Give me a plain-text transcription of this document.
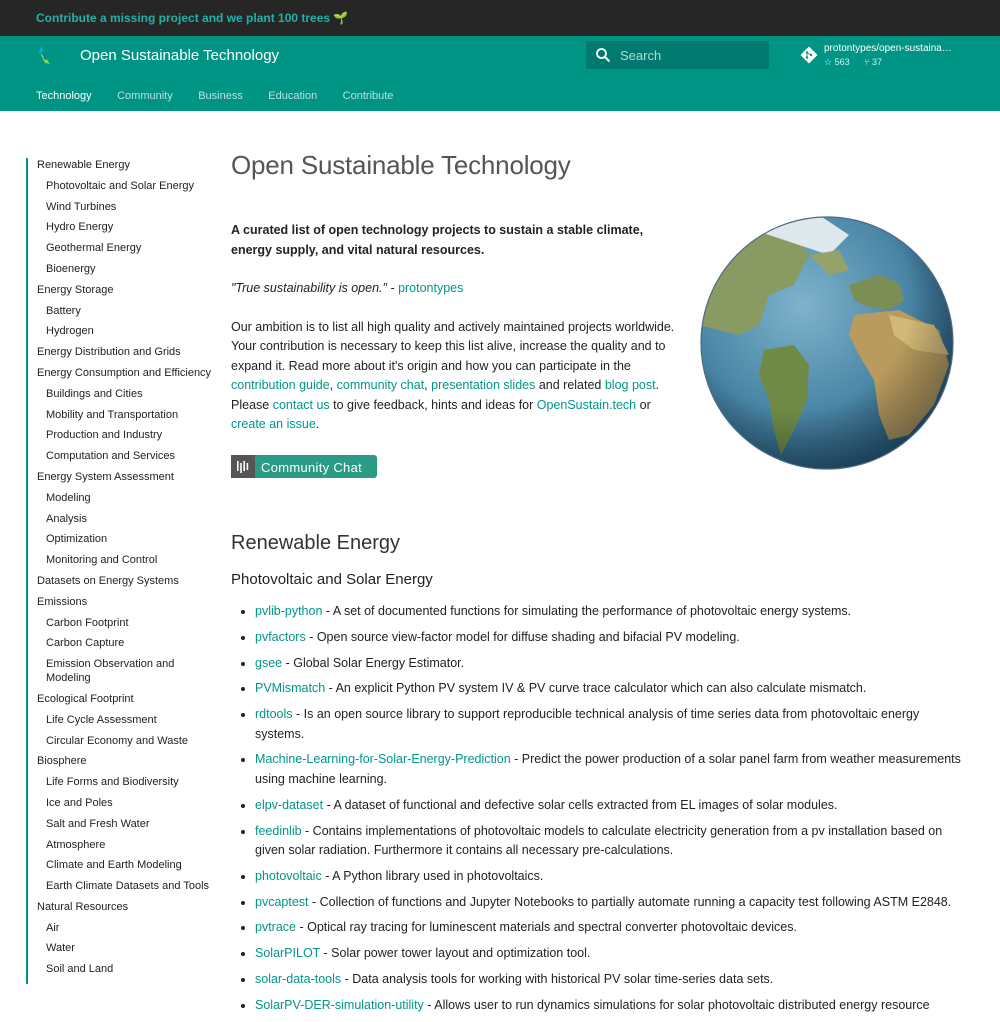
Contribute a missing project and we plant 100 trees 🌱
Open Sustainable Technology
Search	protontypes/open-sustaina…
☆ 563 ⑂ 37
Technology Community Business Education Contribute
Renewable Energy
Photovoltaic and Solar Energy
Wind Turbines
Hydro Energy
Geothermal Energy
Bioenergy
Energy Storage
Battery
Hydrogen
Energy Distribution and Grids
Energy Consumption and Efficiency
Buildings and Cities
Mobility and Transportation
Production and Industry
Computation and Services
Energy System Assessment
Modeling
Analysis
Optimization
Monitoring and Control
Datasets on Energy Systems
Emissions
Carbon Footprint
Carbon Capture
Emission Observation and Modeling
Ecological Footprint
Life Cycle Assessment
Circular Economy and Waste
Biosphere
Life Forms and Biodiversity
Ice and Poles
Salt and Fresh Water
Atmosphere
Climate and Earth Modeling
Earth Climate Datasets and Tools
Natural Resources
Air
Water
Soil and Land
Open Sustainable Technology

A curated list of open technology projects to sustain a stable climate, energy supply, and vital natural resources.

"True sustainability is open." - protontypes

Our ambition is to list all high quality and actively maintained projects worldwide. Your contribution is necessary to keep this list alive, increase the quality and to expand it. Read more about it's origin and how you can participate in the contribution guide, community chat, presentation slides and related blog post. Please contact us to give feedback, hints and ideas for OpenSustain.tech or create an issue.

Community Chat
Renewable Energy
Photovoltaic and Solar Energy
pvlib-python - A set of documented functions for simulating the performance of photovoltaic energy systems.
pvfactors - Open source view-factor model for diffuse shading and bifacial PV modeling.
gsee - Global Solar Energy Estimator.
PVMismatch - An explicit Python PV system IV & PV curve trace calculator which can also calculate mismatch.
rdtools - Is an open source library to support reproducible technical analysis of time series data from photovoltaic energy systems.
Machine-Learning-for-Solar-Energy-Prediction - Predict the power production of a solar panel farm from weather measurements using machine learning.
elpv-dataset - A dataset of functional and defective solar cells extracted from EL images of solar modules.
feedinlib - Contains implementations of photovoltaic models to calculate electricity generation from a pv installation based on given solar radiation. Furthermore it contains all necessary pre-calculations.
photovoltaic - A Python library used in photovoltaics.
pvcaptest - Collection of functions and Jupyter Notebooks to partially automate running a capacity test following ASTM E2848.
pvtrace - Optical ray tracing for luminescent materials and spectral converter photovoltaic devices.
SolarPILOT - Solar power tower layout and optimization tool.
solar-data-tools - Data analysis tools for working with historical PV solar time-series data sets.
SolarPV-DER-simulation-utility - Allows user to run dynamics simulations for solar photovoltaic distributed energy resource
